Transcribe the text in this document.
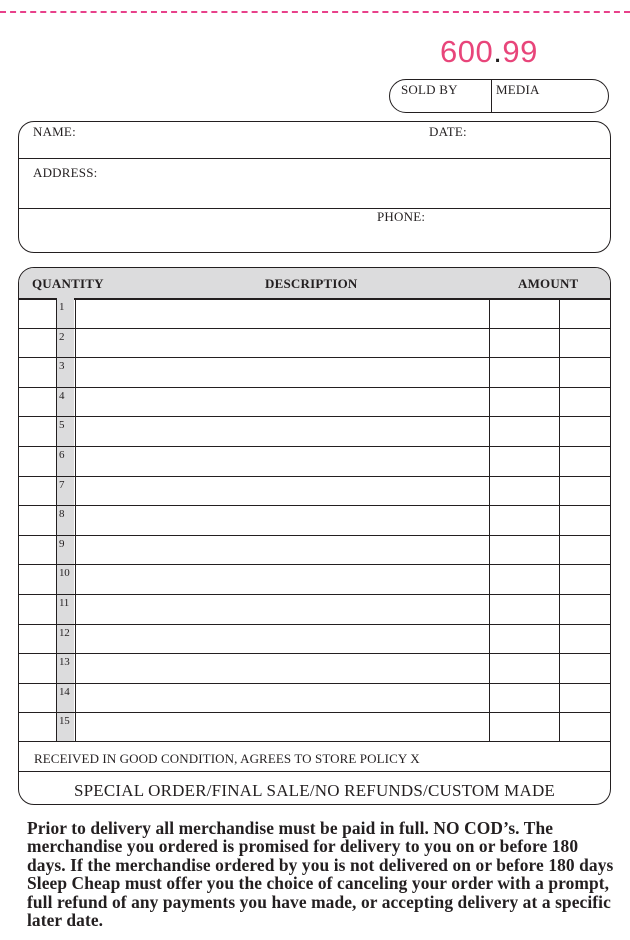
600.99
SOLD BY	MEDIA
NAME:	DATE:
ADDRESS:
PHONE:
QUANTITY	DESCRIPTION	AMOUNT
1
2
3
4
5
6
7
8
9
10
11
12
13
14
15
RECEIVED IN GOOD CONDITION, AGREES TO STORE POLICY X
SPECIAL ORDER/FINAL SALE/NO REFUNDS/CUSTOM MADE
Prior to delivery all merchandise must be paid in full. NO COD’s. The merchandise you ordered is promised for delivery to you on or before 180 days. If the merchandise ordered by you is not delivered on or before 180 days Sleep Cheap must offer you the choice of canceling your order with a prompt, full refund of any payments you have made, or accepting delivery at a specific later date.
